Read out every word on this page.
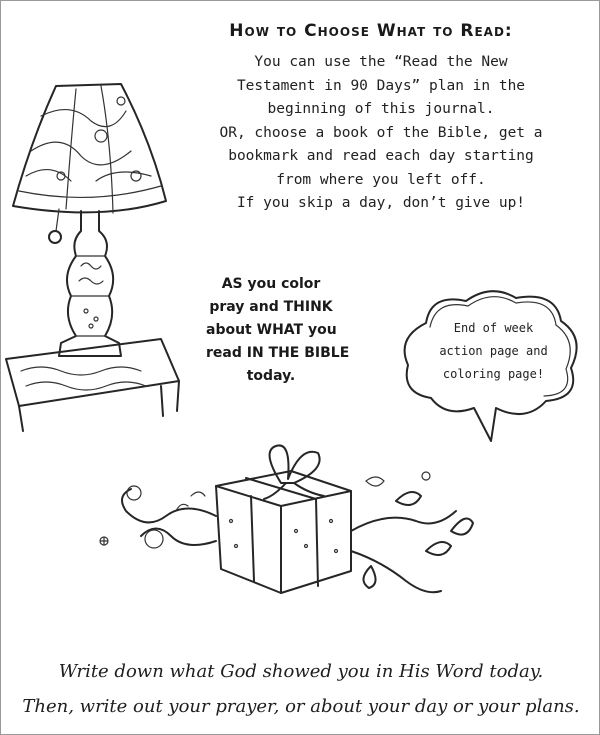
How to Choose What to Read:
You can use the “Read the New
Testament in 90 Days” plan in the
beginning of this journal.
OR, choose a book of the Bible, get a
bookmark and read each day starting
from where you left off.
If you skip a day, don’t give up!
AS you color
pray and THINK
about WHAT you
read IN THE BIBLE
today.
End of week
action page and
coloring page!
Write down what God showed you in His Word today.
Then, write out your prayer, or about your day or your plans.
